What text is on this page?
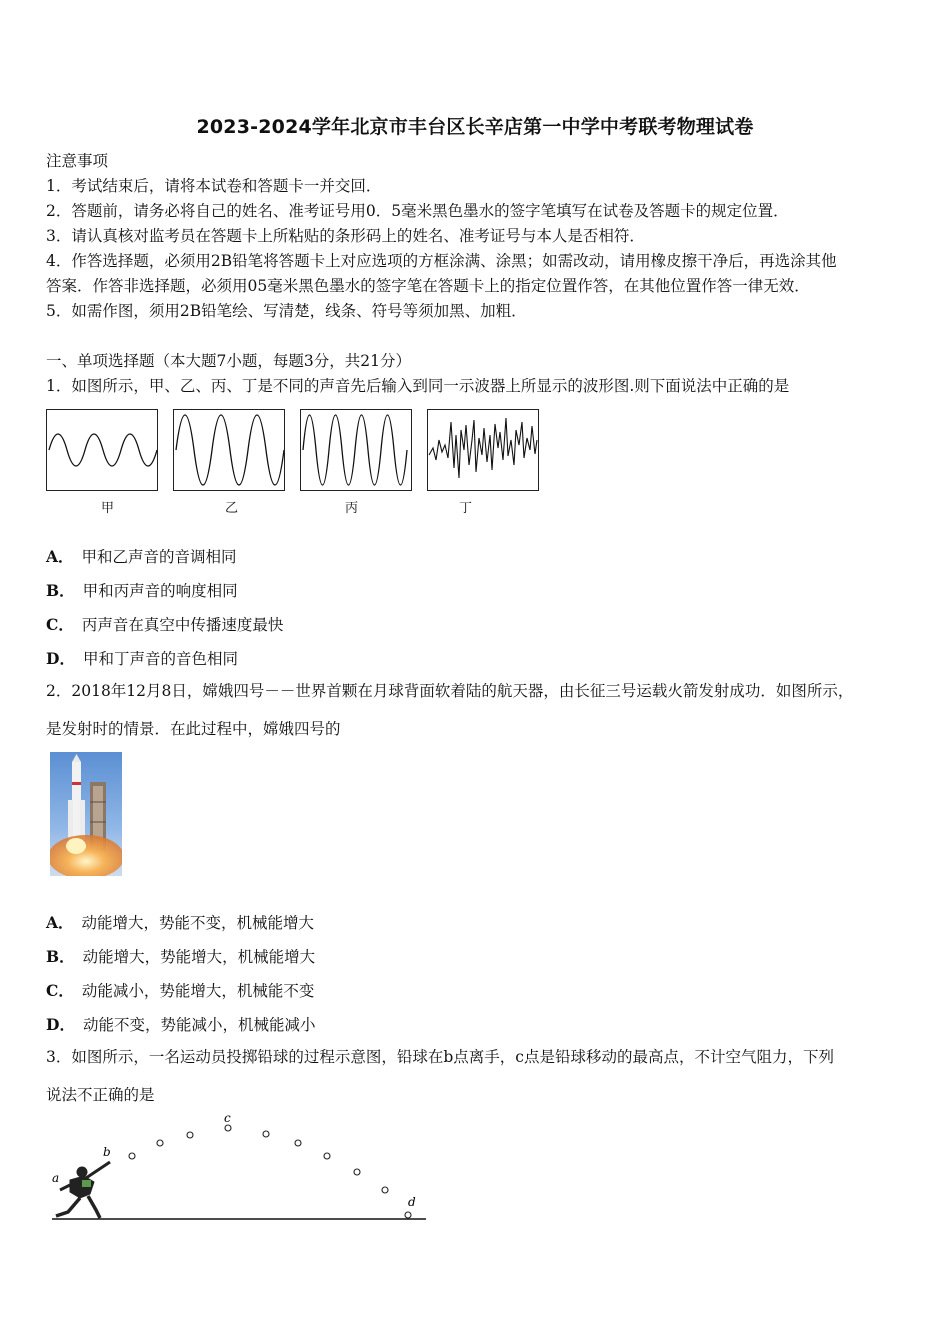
2023-2024学年北京市丰台区长辛店第一中学中考联考物理试卷
注意事项
1．考试结束后，请将本试卷和答题卡一并交回．
2．答题前，请务必将自己的姓名、准考证号用0．5毫米黑色墨水的签字笔填写在试卷及答题卡的规定位置．
3．请认真核对监考员在答题卡上所粘贴的条形码上的姓名、准考证号与本人是否相符．
4．作答选择题，必须用2B铅笔将答题卡上对应选项的方框涂满、涂黑；如需改动，请用橡皮擦干净后，再选涂其他
答案．作答非选择题，必须用05毫米黑色墨水的签字笔在答题卡上的指定位置作答，在其他位置作答一律无效．
5．如需作图，须用2B铅笔绘、写清楚，线条、符号等须加黑、加粗．
一、单项选择题（本大题7小题，每题3分，共21分）
1．如图所示，甲、乙、丙、丁是不同的声音先后输入到同一示波器上所显示的波形图.则下面说法中正确的是
甲	乙	丙	丁
A． 甲和乙声音的音调相同
B． 甲和丙声音的响度相同
C． 丙声音在真空中传播速度最快
D． 甲和丁声音的音色相同
2．2018年12月8日，嫦娥四号－－世界首颗在月球背面软着陆的航天器，由长征三号运载火箭发射成功．如图所示，
是发射时的情景．在此过程中，嫦娥四号的
A． 动能增大，势能不变，机械能增大
B． 动能增大，势能增大，机械能增大
C． 动能减小，势能增大，机械能不变
D． 动能不变，势能减小，机械能减小
3．如图所示，一名运动员投掷铅球的过程示意图，铅球在b点离手，c点是铅球移动的最高点，不计空气阻力，下列
说法不正确的是
a
b
c
d
